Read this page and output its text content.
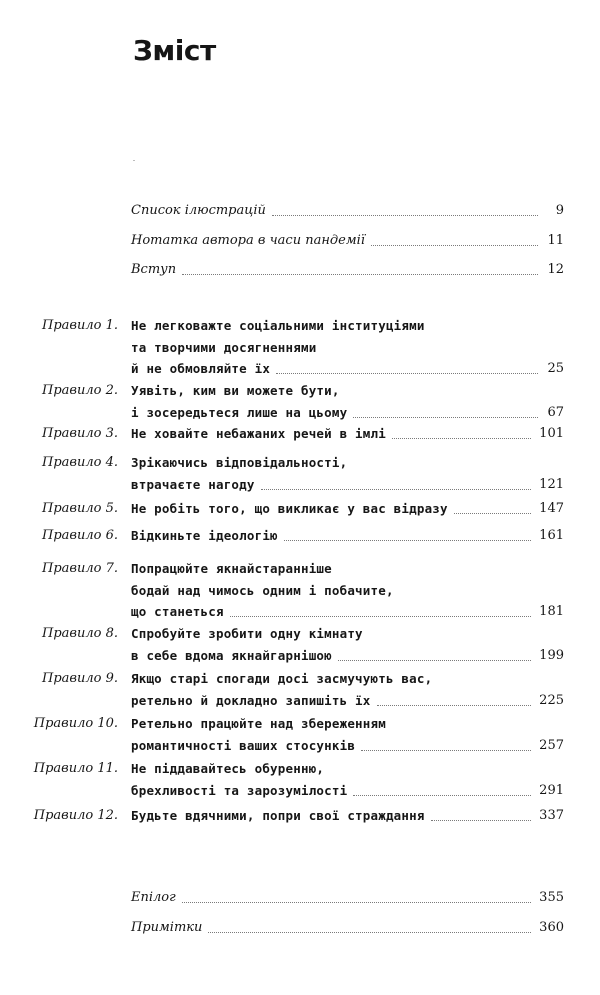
Зміст
Список ілюстрацій	9
Нотатка автора в часи пандемії	11
Вступ	12
Правило 1. Не легковажте соціальними інституціями
та творчими досягненнями
й не обмовляйте їх	25
Правило 2. Уявіть, ким ви можете бути,
і зосередьтеся лише на цьому	67
Правило 3. Не ховайте небажаних речей в імлі	101
Правило 4. Зрікаючись відповідальності,
втрачаєте нагоду	121
Правило 5. Не робіть того, що викликає у вас відразу	147
Правило 6. Відкиньте ідеологію	161
Правило 7. Попрацюйте якнайстаранніше
бодай над чимось одним і побачите,
що станеться	181
Правило 8. Спробуйте зробити одну кімнату
в себе вдома якнайгарнішою	199
Правило 9. Якщо старі спогади досі засмучують вас,
ретельно й докладно запишіть їх	225
Правило 10. Ретельно працюйте над збереженням
романтичності ваших стосунків	257
Правило 11. Не піддавайтесь обуренню,
брехливості та зарозумілості	291
Правило 12. Будьте вдячними, попри свої страждання	337
Епілог	355
Примітки	360
